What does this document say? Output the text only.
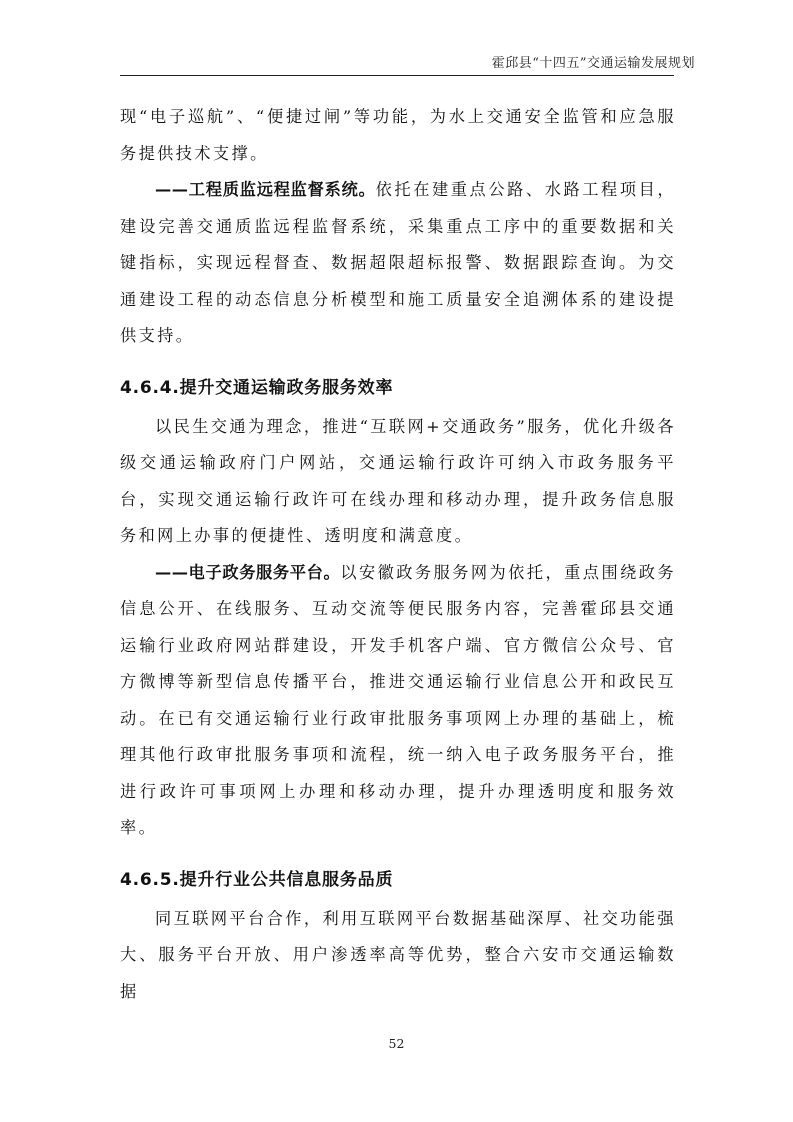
霍邱县“十四五”交通运输发展规划

现“电子巡航”、“便捷过闸”等功能，为水上交通安全监管和应急服务提供技术支撑。

——工程质监远程监督系统。依托在建重点公路、水路工程项目，建设完善交通质监远程监督系统，采集重点工序中的重要数据和关键指标，实现远程督查、数据超限超标报警、数据跟踪查询。为交通建设工程的动态信息分析模型和施工质量安全追溯体系的建设提供支持。

4.6.4.提升交通运输政务服务效率

以民生交通为理念，推进“互联网+交通政务”服务，优化升级各级交通运输政府门户网站，交通运输行政许可纳入市政务服务平台，实现交通运输行政许可在线办理和移动办理，提升政务信息服务和网上办事的便捷性、透明度和满意度。

——电子政务服务平台。以安徽政务服务网为依托，重点围绕政务信息公开、在线服务、互动交流等便民服务内容，完善霍邱县交通运输行业政府网站群建设，开发手机客户端、官方微信公众号、官方微博等新型信息传播平台，推进交通运输行业信息公开和政民互动。在已有交通运输行业行政审批服务事项网上办理的基础上，梳理其他行政审批服务事项和流程，统一纳入电子政务服务平台，推进行政许可事项网上办理和移动办理，提升办理透明度和服务效率。

4.6.5.提升行业公共信息服务品质

同互联网平台合作，利用互联网平台数据基础深厚、社交功能强大、服务平台开放、用户渗透率高等优势，整合六安市交通运输数据

52
